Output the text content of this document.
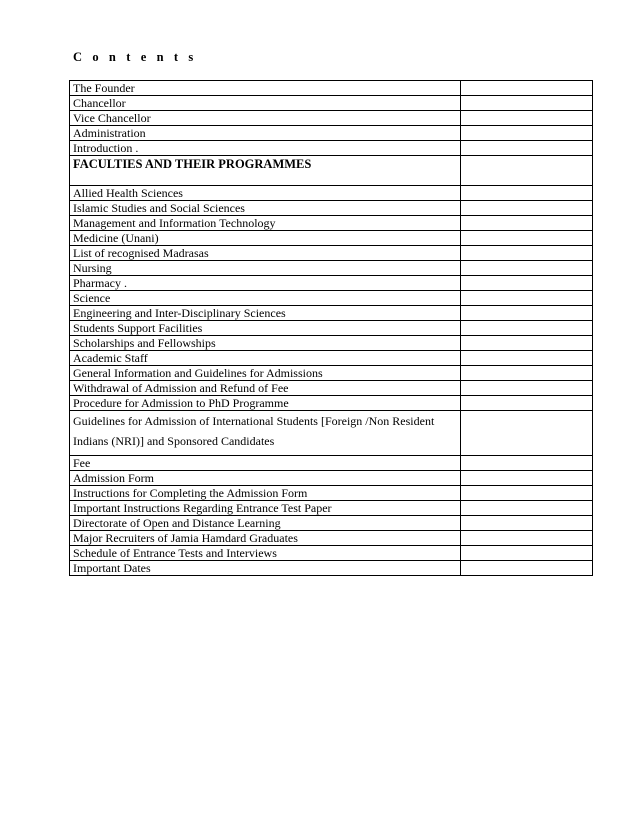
C o n t e n t s
The Founder	
Chancellor	
Vice Chancellor	
Administration	
Introduction .	
FACULTIES AND THEIR PROGRAMMES	
Allied Health Sciences	
Islamic Studies and Social Sciences	
Management and Information Technology	
Medicine (Unani)	
List of recognised Madrasas	
Nursing	
Pharmacy .	
Science	
Engineering and Inter-Disciplinary Sciences	
Students Support Facilities	
Scholarships and Fellowships	
Academic Staff	
General Information and Guidelines for Admissions	
Withdrawal of Admission and Refund of Fee	
Procedure for Admission to PhD Programme	
Guidelines for Admission of International Students [Foreign /Non Resident Indians (NRI)] and Sponsored Candidates	
Fee	
Admission Form	
Instructions for Completing the Admission Form	
Important Instructions Regarding Entrance Test Paper	
Directorate of Open and Distance Learning	
Major Recruiters of Jamia Hamdard Graduates	
Schedule of Entrance Tests and Interviews	
Important Dates	
